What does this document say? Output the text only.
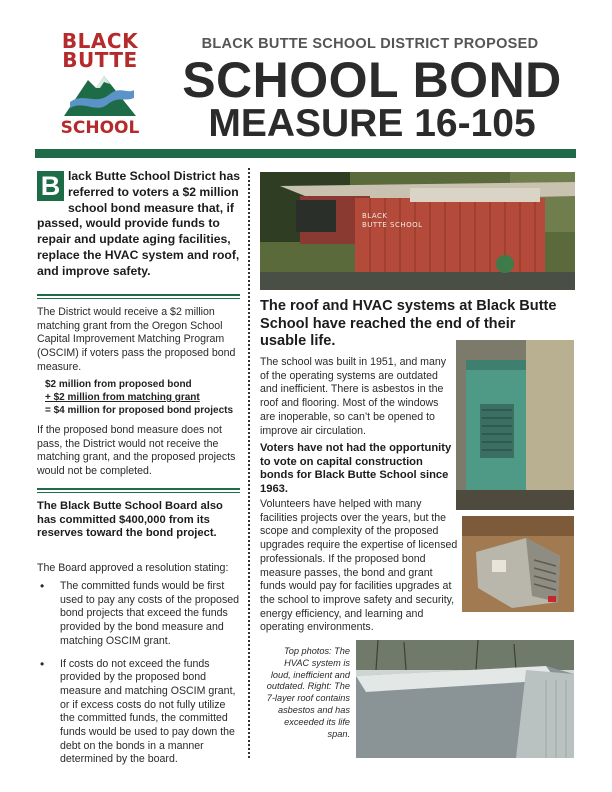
BLACK
BUTTE
SCHOOL
BLACK BUTTE SCHOOL DISTRICT PROPOSED
SCHOOL BOND
MEASURE 16-105
B lack Butte School District has referred to voters a $2 million school bond measure that, if passed, would provide funds to repair and update aging facilities, replace the HVAC system and roof, and improve safety.
The District would receive a $2 million matching grant from the Oregon School Capital Improvement Matching Program (OSCIM) if voters pass the proposed bond measure.
$2 million from proposed bond
+ $2 million from matching grant
= $4 million for proposed bond projects
If the proposed bond measure does not pass, the District would not receive the matching grant, and the proposed projects would not be completed.
The Black Butte School Board also has committed $400,000 from its reserves toward the bond project.
The Board approved a resolution stating:
• The committed funds would be first used to pay any costs of the proposed bond projects that exceed the funds provided by the bond measure and matching OSCIM grant.
• If costs do not exceed the funds provided by the proposed bond measure and matching OSCIM grant, or if excess costs do not fully utilize the committed funds, the committed funds would be used to pay down the debt on the bonds in a manner determined by the board.
BLACK
BUTTE SCHOOL
The roof and HVAC systems at Black Butte School have reached the end of their usable life.
The school was built in 1951, and many of the operating systems are outdated and inefficient. There is asbestos in the roof and flooring. Most of the windows are inoperable, so can’t be opened to improve air circulation.
Voters have not had the opportunity to vote on capital construction bonds for Black Butte School since 1963.
Volunteers have helped with many facilities projects over the years, but the scope and complexity of the proposed upgrades require the expertise of licensed professionals. If the proposed bond measure passes, the bond and grant funds would pay for facilities upgrades at the school to improve safety and security, energy efficiency, and learning and operating environments.
Top photos: The HVAC system is loud, inefficient and outdated. Right: The 7-layer roof contains asbestos and has exceeded its life span.
